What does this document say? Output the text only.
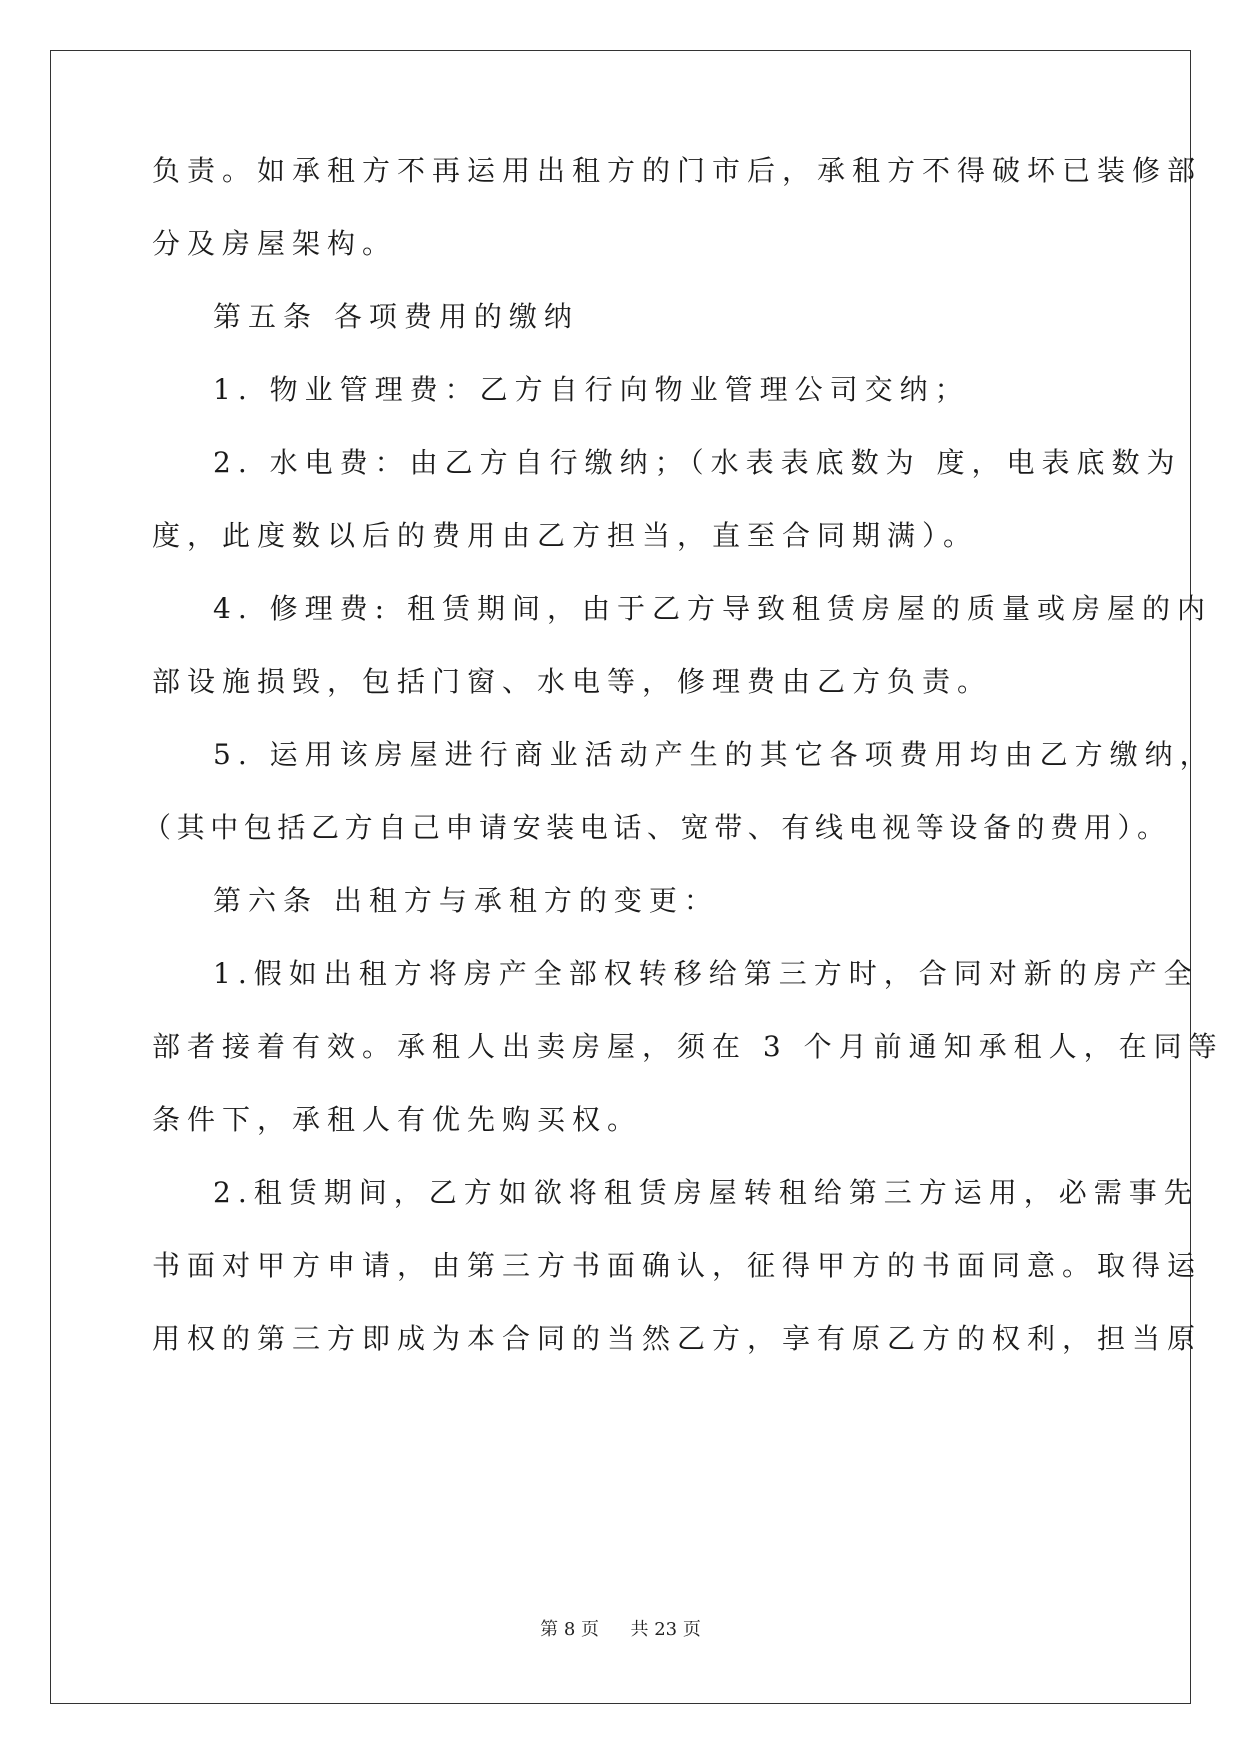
负责。如承租方不再运用出租方的门市后，承租方不得破坏已装修部
分及房屋架构。
第五条 各项费用的缴纳
1. 物业管理费：乙方自行向物业管理公司交纳；
2. 水电费：由乙方自行缴纳；（水表表底数为 度，电表底数为
度，此度数以后的费用由乙方担当，直至合同期满）。
4. 修理费: 租赁期间，由于乙方导致租赁房屋的质量或房屋的内
部设施损毁，包括门窗、水电等，修理费由乙方负责。
5. 运用该房屋进行商业活动产生的其它各项费用均由乙方缴纳，
（其中包括乙方自己申请安装电话、宽带、有线电视等设备的费用）。
第六条 出租方与承租方的变更：
1.假如出租方将房产全部权转移给第三方时，合同对新的房产全
部者接着有效。承租人出卖房屋，须在 3 个月前通知承租人，在同等
条件下，承租人有优先购买权。
2.租赁期间，乙方如欲将租赁房屋转租给第三方运用，必需事先
书面对甲方申请，由第三方书面确认，征得甲方的书面同意。取得运
用权的第三方即成为本合同的当然乙方，享有原乙方的权利，担当原
第 8 页 共 23 页
